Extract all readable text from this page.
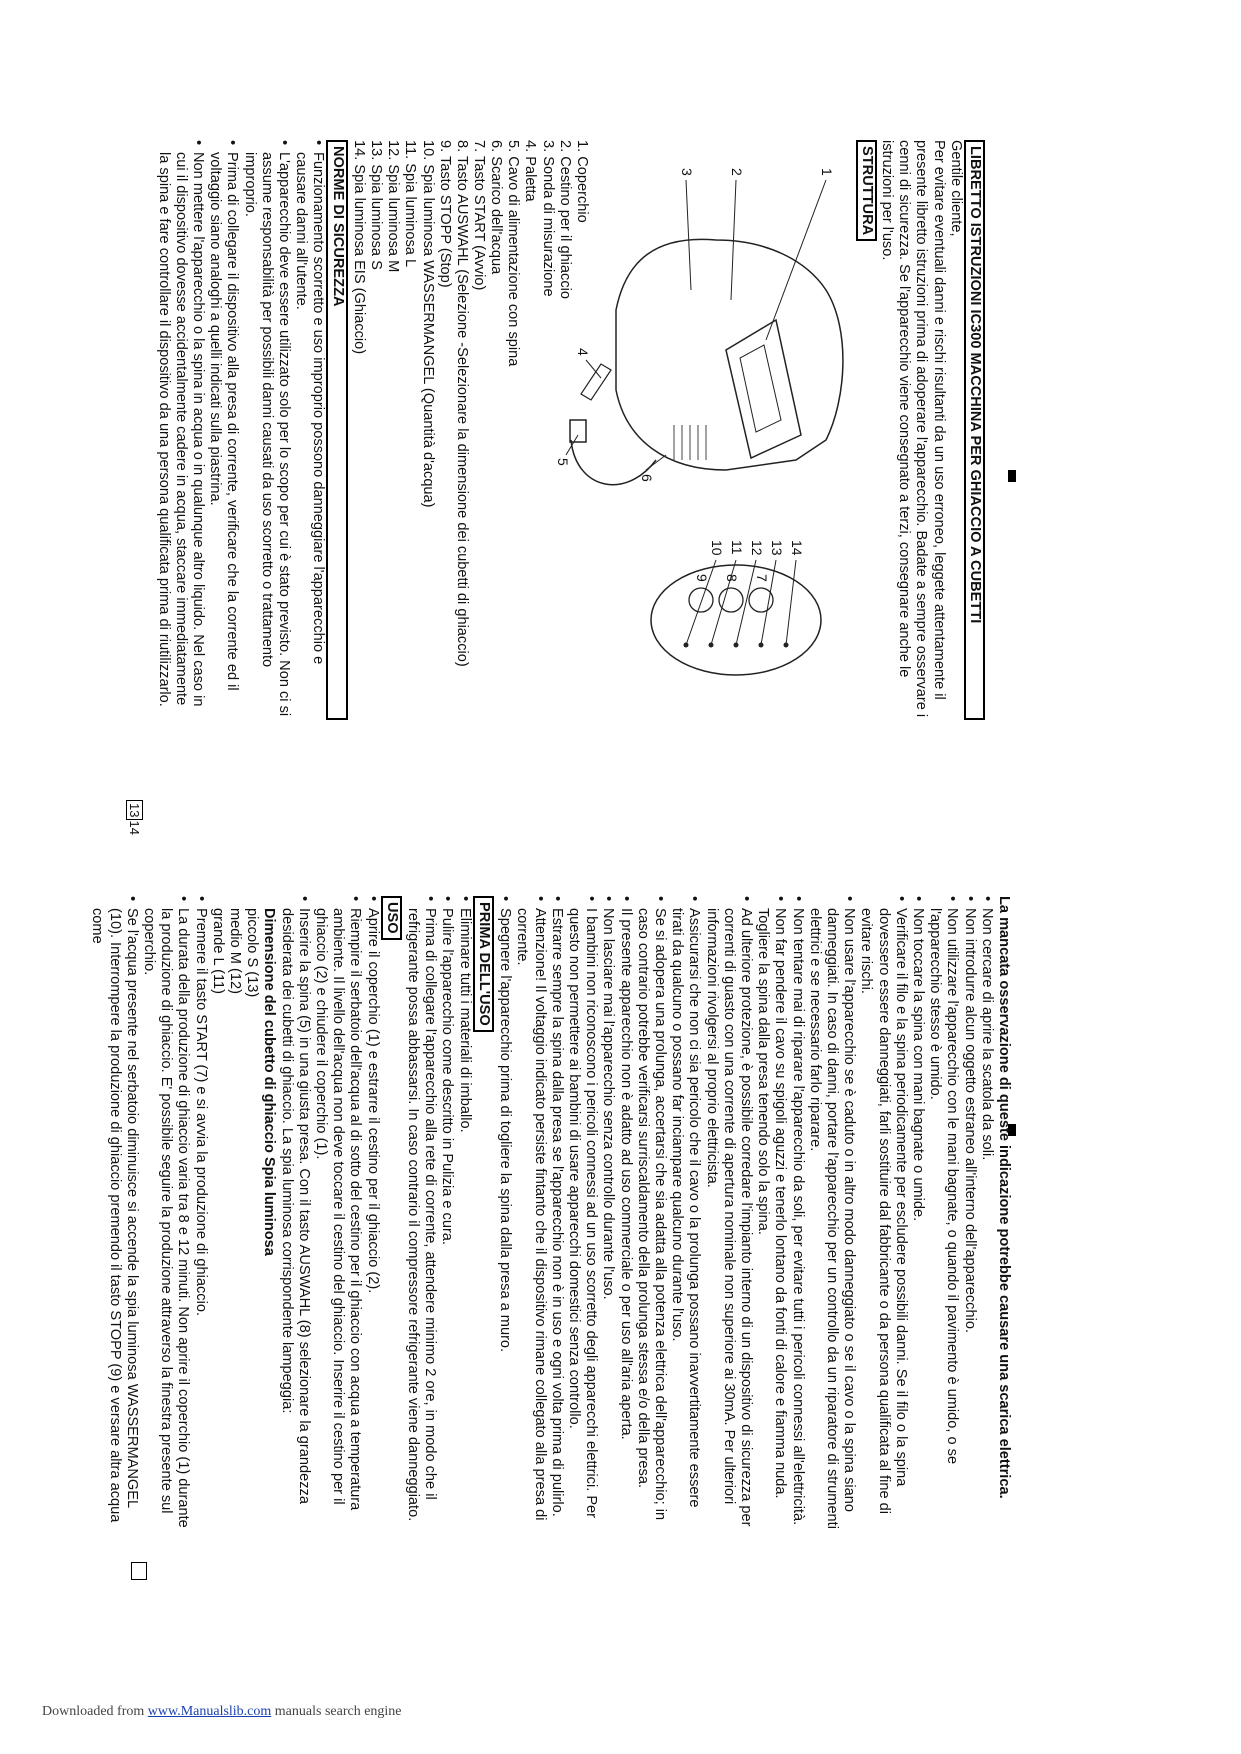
LIBRETTO ISTRUZIONI IC300 MACCHINA PER GHIACCIO A CUBETTI

Gentile cliente,

Per evitare eventuali danni e rischi risultanti da un uso erroneo, leggete attentamente il presente libretto istruzioni prima di adoperare l'apparecchio. Badate a sempre osservare i cenni di sicurezza. Se l'apparecchio viene consegnato a terzi, consegnare anche le istruzioni per l'uso.

STRUTTURA
1
2
3
4
5
6
14
13
12
11
10
7
8
9
1. Coperchio
2. Cestino per il ghiaccio
3. Sonda di misurazione
4. Paletta
5. Cavo di alimentazione con spina
6. Scarico dell'acqua
7. Tasto START (Avvio)
8. Tasto AUSWAHL (Selezione -Selezionare la dimensione dei cubetti di ghiaccio)
9. Tasto STOPP (Stop)
10. Spia luminosa WASSERMANGEL (Quantità d'acqua)
11. Spia luminosa L
12. Spia luminosa M
13. Spia luminosa S
14. Spia luminosa EIS (Ghiaccio)
NORME DI SICUREZZA
• Funzionamento scorretto e uso improprio possono danneggiare l'apparecchio e causare danni all'utente.
• L'apparecchio deve essere utilizzato solo per lo scopo per cui è stato previsto. Non ci si assume responsabilità per possibili danni causati da uso scorretto o trattamento improprio.
• Prima di collegare il dispositivo alla presa di corrente, verificare che la corrente ed il voltaggio siano analoghi a quelli indicati sulla piastrina.
• Non mettere l'apparecchio o la spina in acqua o in qualunque altro liquido. Nel caso in cui il dispositivo dovesse accidentalmente cadere in acqua, staccare immediatamente la spina e fare controllare il dispositivo da una persona qualificata prima di riutilizzarlo.
1314

La mancata osservazione di queste indicazione potrebbe causare una scarica elettrica.

• Non cercare di aprire la scatola da soli.
• Non introdurre alcun oggetto estraneo all'interno dell'apparecchio.
• Non utilizzare l'apparecchio con le mani bagnate, o quando il pavimento è umido, o se l'apparecchio stesso è umido.
• Non toccare la spina con mani bagnate o umide.
• Verificare il filo e la spina periodicamente per escludere possibili danni. Se il filo o la spina dovessero essere danneggiati, farli sostituire dal fabbricante o da persona qualificata al fine di evitare rischi.
• Non usare l'apparecchio se è caduto o in altro modo danneggiato o se il cavo o la spina siano danneggiati. In caso di danni, portare l'apparecchio per un controllo da un riparatore di strumenti elettrici e se necessario farlo riparare.
• Non tentare mai di riparare l'apparecchio da soli, per evitare tutti i pericoli connessi all'elettricità.
• Non far pendere il cavo su spigoli aguzzi e tenerlo lontano da fonti di calore e fiamma nuda. Togliere la spina dalla presa tenendo solo la spina.
• Ad ulteriore protezione, è possibile corredare l'impianto interno di un dispositivo di sicurezza per correnti di guasto con una corrente di apertura nominale non superiore ai 30mA. Per ulteriori informazioni rivolgersi al proprio elettricista.
• Assicurarsi che non ci sia pericolo che il cavo o la prolunga possano inavvertitamente essere tirati da qualcuno o possano far inciampare qualcuno durante l'uso.
• Se si adopera una prolunga, accertarsi che sia adatta alla potenza elettrica dell'apparecchio; in caso contrario potrebbe verificarsi surriscaldamento della prolunga stessa e/o della presa.
• Il presente apparecchio non è adatto ad uso commerciale o per uso all'aria aperta.
• Non lasciare mai l'apparecchio senza controllo durante l'uso.
• I bambini non riconoscono i pericoli connessi ad un uso scorretto degli apparecchi elettrici. Per questo non permettere ai bambini di usare apparecchi domestici senza controllo.
• Estrarre sempre la spina dalla presa se l'apparecchio non è in uso e ogni volta prima di pulirlo.
• Attenzione! Il voltaggio indicato persiste fintanto che il dispositivo rimane collegato alla presa di corrente.
• Spegnere l'apparecchio prima di togliere la spina dalla presa a muro.
PRIMA DELL'USO
• Eliminare tutti i materiali di imballo.
• Pulire l'apparecchio come descritto in Pulizia e cura.
• Prima di collegare l'apparecchio alla rete di corrente, attendere minimo 2 ore, in modo che il refrigerante possa abbassarsi. In caso contrario il compressore refrigerante viene danneggiato.
USO
• Aprire il coperchio (1) e estrarre il cestino per il ghiaccio (2).
• Riempire il serbatoio dell'acqua al di sotto del cestino per il ghiaccio con acqua a temperatura ambiente. Il livello dell'acqua non deve toccare il cestino del ghiaccio. Inserire il cestino per il ghiaccio (2) e chiudere il coperchio (1).
• Inserire la spina (5) in una giusta presa. Con il tasto AUSWAHL (8) selezionare la grandezza desiderata dei cubetti di ghiaccio. La spia luminosa corrispondente lampeggia:
Dimensione del cubetto di ghiaccio Spia luminosa
piccolo S (13)
medio M (12)
grande L (11)
• Premere il tasto START (7) e si avvia la produzione di ghiaccio.
• La durata della produzione di ghiaccio varia tra 8 e 12 minuti. Non aprire il coperchio (1) durante la produzione di ghiaccio. E' possibile seguire la produzione attraverso la finestra presente sul coperchio.
• Se l'acqua presente nel serbatoio diminuisce si accende la spia luminosa WASSERMANGEL (10). Interrompere la produzione di ghiaccio premendo il tasto STOPP (9) e versare altra acqua come
Downloaded from www.Manualslib.com manuals search engine
